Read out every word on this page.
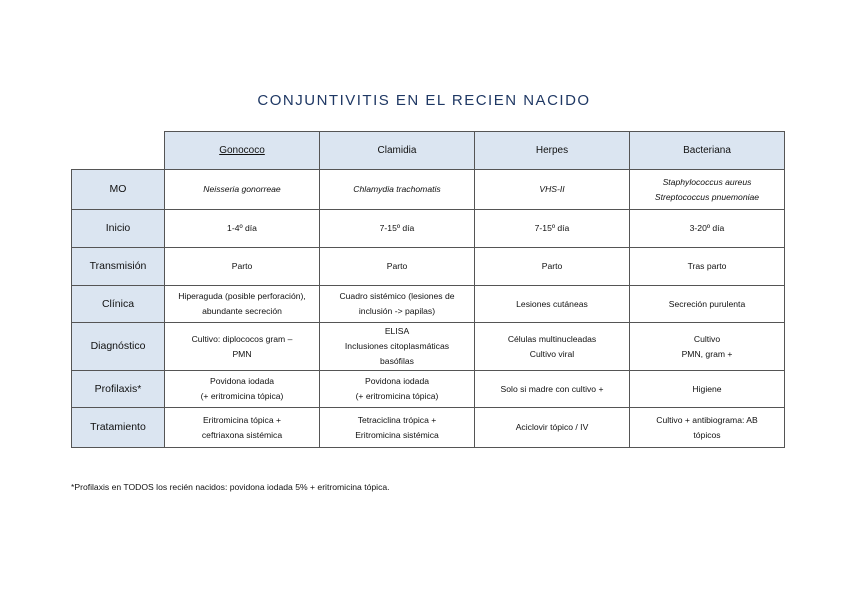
CONJUNTIVITIS EN EL RECIEN NACIDO
	Gonococo	Clamidia	Herpes	Bacteriana
MO	Neisseria gonorreae	Chlamydia trachomatis	VHS-II	Staphylococcus aureus
Streptococcus pnuemoniae

Inicio	1-4º día	7-15º día	7-15º día	3-20º día

Transmisión	Parto	Parto	Parto	Tras parto

Clínica	Hiperaguda (posible perforación),
abundante secreción	Cuadro sistémico (lesiones de
inclusión -> papilas)	Lesiones cutáneas	Secreción purulenta

Diagnóstico	Cultivo: diplococos gram –
PMN	ELISA
Inclusiones citoplasmáticas
basófilas	Células multinucleadas
Cultivo viral	Cultivo
PMN, gram +

Profilaxis*	Povidona iodada
(+ eritromicina tópica)	Povidona iodada
(+ eritromicina tópica)	Solo si madre con cultivo +	Higiene

Tratamiento	Eritromicina tópica +
ceftriaxona sistémica	Tetraciclina trópica +
Eritromicina sistémica	Aciclovir tópico / IV	Cultivo + antibiograma: AB
tópicos
*Profilaxis en TODOS los recién nacidos: povidona iodada 5% + eritromicina tópica.
